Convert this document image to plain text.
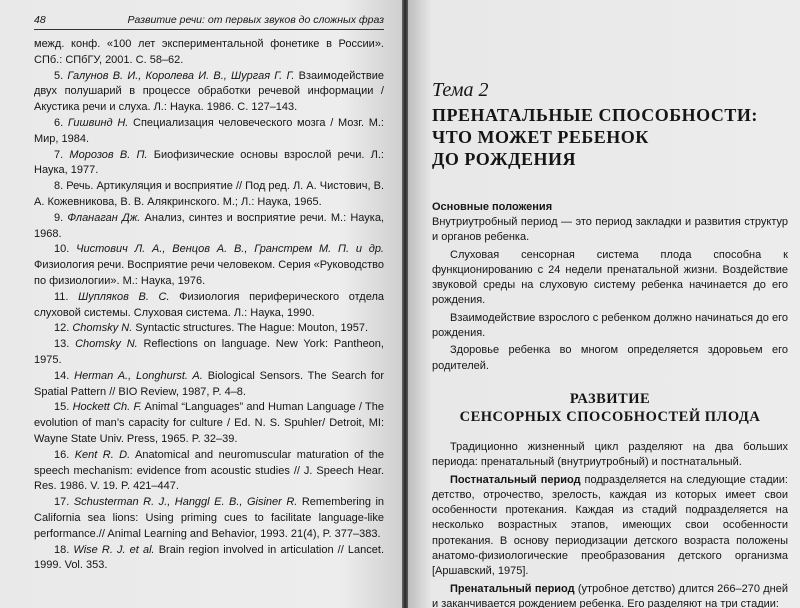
48	Развитие речи: от первых звуков до сложных фраз
межд. конф. «100 лет экспериментальной фонетике в России». СПб.: СПбГУ, 2001. С. 58–62.
5. Галунов В. И., Королева И. В., Шургая Г. Г. Взаимодействие двух полушарий в процессе обработки речевой информации / Акустика речи и слуха. Л.: Наука. 1986. С. 127–143.
6. Гишвинд Н. Специализация человеческого мозга / Мозг. М.: Мир, 1984.
7. Морозов В. П. Биофизические основы взрослой речи. Л.: Наука, 1977.
8. Речь. Артикуляция и восприятие // Под ред. Л. А. Чистович, В. А. Кожевникова, В. В. Алякринского. М.; Л.: Наука, 1965.
9. Фланаган Дж. Анализ, синтез и восприятие речи. М.: Наука, 1968.
10. Чистович Л. А., Венцов А. В., Гранстрем М. П. и др. Физиология речи. Восприятие речи человеком. Серия «Руководство по физиологии». М.: Наука, 1976.
11. Шупляков В. С. Физиология периферического отдела слуховой системы. Слуховая система. Л.: Наука, 1990.
12. Chomsky N. Syntactic structures. The Hague: Mouton, 1957.
13. Chomsky N. Reflections on language. New York: Pantheon, 1975.
14. Herman A., Longhurst. A. Biological Sensors. The Search for Spatial Pattern // BIO Review, 1987, P. 4–8.
15. Hockett Ch. F. Animal “Languages” and Human Language / The evolution of man’s capacity for culture / Ed. N. S. Spuhler/ Detroit, MI: Wayne State Univ. Press, 1965. P. 32–39.
16. Kent R. D. Anatomical and neuromuscular maturation of the speech mechanism: evidence from acoustic studies // J. Speech Hear. Res. 1986. V. 19. P. 421–447.
17. Schusterman R. J., Hanggl E. B., Gisiner R. Remembering in California sea lions: Using priming cues to facilitate language-like performance.// Animal Learning and Behavior, 1993. 21(4), P. 377–383.
18. Wise R. J. et al. Brain region involved in articulation // Lancet. 1999. Vol. 353.
Тема 2
ПРЕНАТАЛЬНЫЕ СПОСОБНОСТИ:
ЧТО МОЖЕТ РЕБЕНОК
ДО РОЖДЕНИЯ
Основные положения

Внутриутробный период — это период закладки и развития структур и органов ребенка.

Слуховая сенсорная система плода способна к функционированию с 24 недели пренатальной жизни. Воздействие звуковой среды на слуховую систему ребенка начинается до его рождения.

Взаимодействие взрослого с ребенком должно начинаться до его рождения.

Здоровье ребенка во многом определяется здоровьем его родителей.

РАЗВИТИЕ
СЕНСОРНЫХ СПОСОБНОСТЕЙ ПЛОДА

Традиционно жизненный цикл разделяют на два больших периода: пренатальный (внутриутробный) и постнатальный.

Постнатальный период подразделяется на следующие стадии: детство, отрочество, зрелость, каждая из которых имеет свои особенности протекания. Каждая из стадий подразделяется на несколько возрастных этапов, имеющих свои особенности протекания. В основу периодизации детского возраста положены анатомо-физиологические преобразования детского организма [Аршавский, 1975].

Пренатальный период (утробное детство) длится 266–270 дней и заканчивается рождением ребенка. Его разделяют на три стадии:
